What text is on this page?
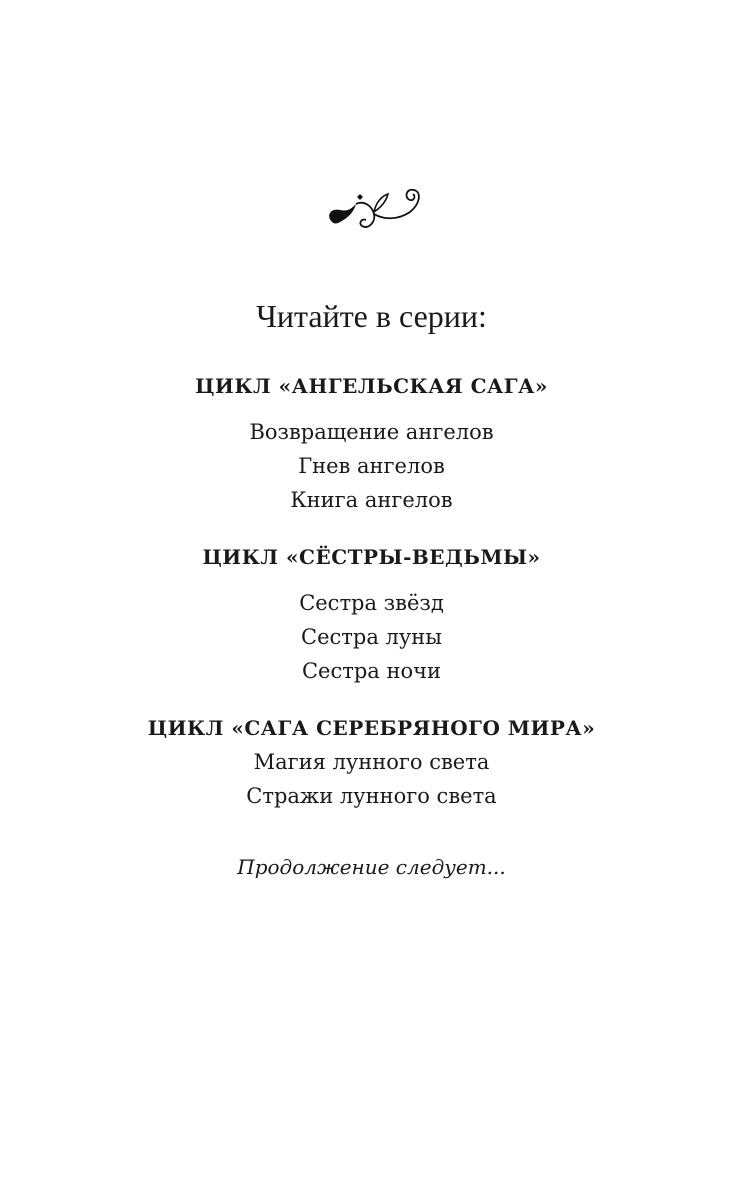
Читайте в серии:
ЦИКЛ «АНГЕЛЬСКАЯ САГА»
Возвращение ангелов
Гнев ангелов
Книга ангелов
ЦИКЛ «СЁСТРЫ-ВЕДЬМЫ»
Сестра звёзд
Сестра луны
Сестра ночи
ЦИКЛ «САГА СЕРЕБРЯНОГО МИРА»
Магия лунного света
Стражи лунного света

Продолжение следует...
